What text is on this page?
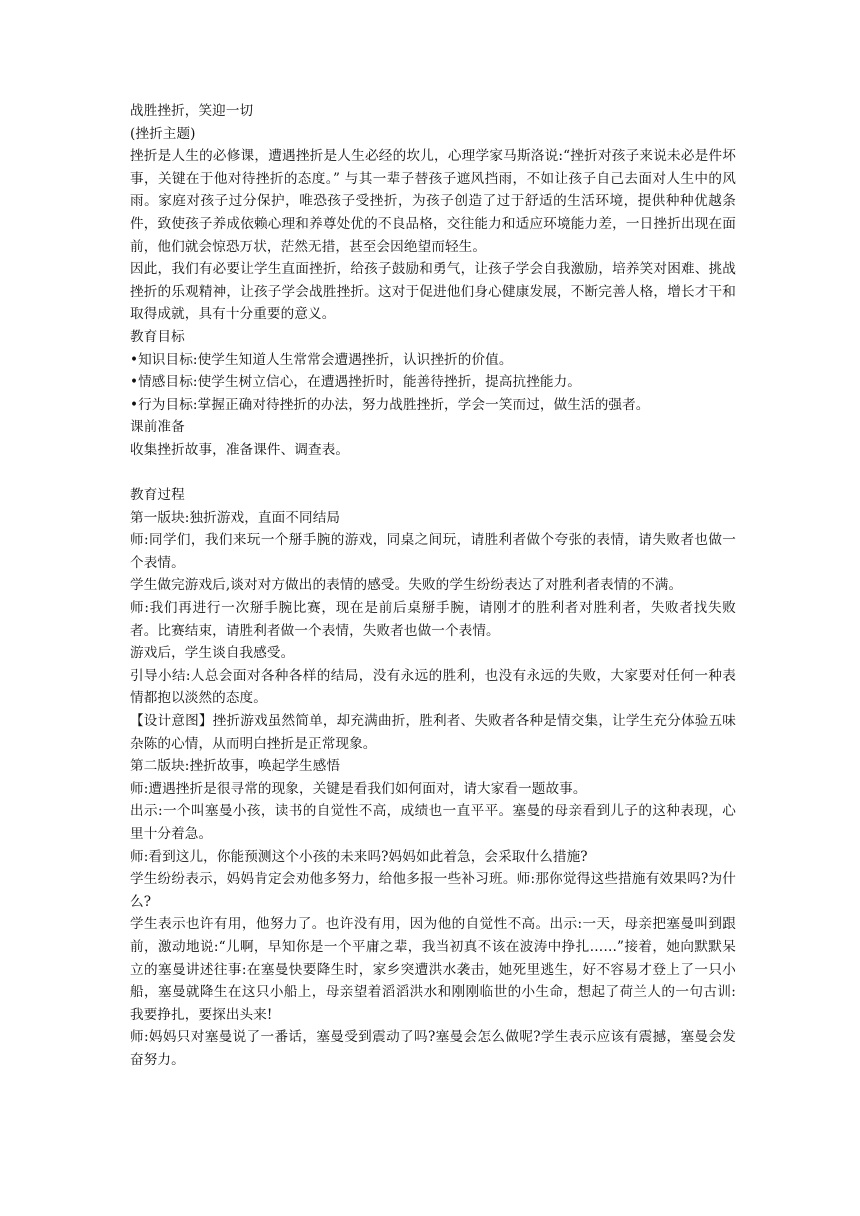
战胜挫折，笑迎一切

(挫折主题)

挫折是人生的必修课，遭遇挫折是人生必经的坎儿，心理学家马斯洛说:“挫折对孩子来说未必是件坏事，关键在于他对待挫折的态度。” 与其一辈子替孩子遮风挡雨，不如让孩子自己去面对人生中的风雨。家庭对孩子过分保护，唯恐孩子受挫折，为孩子创造了过于舒适的生活环境，提供种种优越条件，致使孩子养成依赖心理和养尊处优的不良品格，交往能力和适应环境能力差，一日挫折出现在面前，他们就会惊恐万状，茫然无措，甚至会因绝望而轻生。

因此，我们有必要让学生直面挫折，给孩子鼓励和勇气，让孩子学会自我激励，培养笑对困难、挑战挫折的乐观精神，让孩子学会战胜挫折。这对于促进他们身心健康发展，不断完善人格，增长才干和取得成就，具有十分重要的意义。

教育目标

•知识目标:使学生知道人生常常会遭遇挫折，认识挫折的价值。

•情感目标:使学生树立信心，在遭遇挫折时，能善待挫折，提高抗挫能力。

•行为目标:掌握正确对待挫折的办法，努力战胜挫折，学会一笑而过，做生活的强者。

课前准备

收集挫折故事，准备课件、调查表。

教育过程

第一版块:独折游戏，直面不同结局

师:同学们，我们来玩一个掰手腕的游戏，同桌之间玩，请胜利者做个夸张的表情，请失败者也做一个表情。

学生做完游戏后,谈对对方做出的表情的感受。失败的学生纷纷表达了对胜利者表情的不满。

师:我们再进行一次掰手腕比赛，现在是前后桌掰手腕，请刚才的胜利者对胜利者，失败者找失败者。比赛结束，请胜利者做一个表情，失败者也做一个表情。

游戏后，学生谈自我感受。

引导小结:人总会面对各种各样的结局，没有永远的胜利，也没有永远的失败，大家要对任何一种表情都抱以淡然的态度。

【设计意图】挫折游戏虽然简单，却充满曲折，胜利者、失败者各种是情交集，让学生充分体验五味杂陈的心情，从而明白挫折是正常现象。

第二版块:挫折故事，唤起学生感悟

师:遭遇挫折是很寻常的现象，关键是看我们如何面对，请大家看一题故事。

出示:一个叫塞曼小孩，读书的自觉性不高，成绩也一直平平。塞曼的母亲看到儿子的这种表现，心里十分着急。

师:看到这儿，你能预测这个小孩的未来吗?妈妈如此着急，会采取什么措施?

学生纷纷表示，妈妈肯定会劝他多努力，给他多报一些补习班。师:那你觉得这些措施有效果吗?为什么?

学生表示也许有用，他努力了。也许没有用，因为他的自觉性不高。出示:一天，母亲把塞曼叫到跟前，激动地说:“儿啊，早知你是一个平庸之辈，我当初真不该在波涛中挣扎……”接着，她向默默呆立的塞曼讲述往事:在塞曼快要降生时，家乡突遭洪水袭击，她死里逃生，好不容易才登上了一只小船，塞曼就降生在这只小船上，母亲望着滔滔洪水和刚刚临世的小生命，想起了荷兰人的一句古训:我要挣扎，要探出头来!

师:妈妈只对塞曼说了一番话，塞曼受到震动了吗?塞曼会怎么做呢?学生表示应该有震撼，塞曼会发奋努力。
